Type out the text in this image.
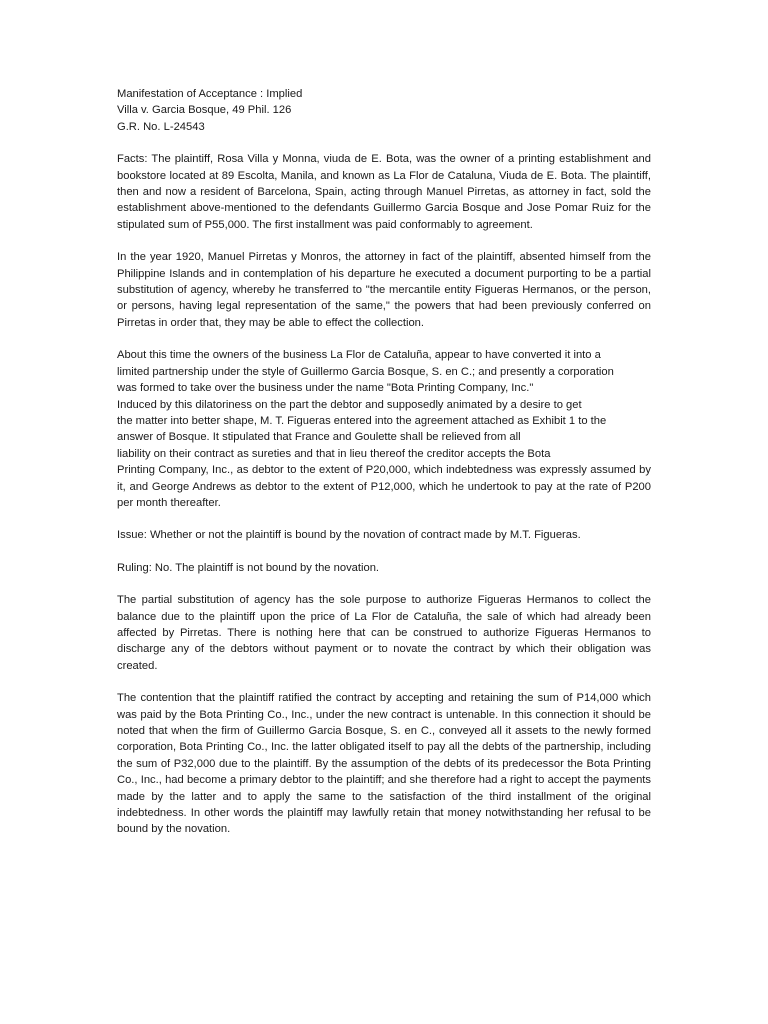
Manifestation of Acceptance : Implied

Villa v. Garcia Bosque, 49 Phil. 126

G.R. No. L-24543

Facts: The plaintiff, Rosa Villa y Monna, viuda de E. Bota, was the owner of a printing establishment and bookstore located at 89 Escolta, Manila, and known as La Flor de Cataluna, Viuda de E. Bota. The plaintiff, then and now a resident of Barcelona, Spain, acting through Manuel Pirretas, as attorney in fact, sold the establishment above-mentioned to the defendants Guillermo Garcia Bosque and Jose Pomar Ruiz for the stipulated sum of P55,000. The first installment was paid conformably to agreement.

In the year 1920, Manuel Pirretas y Monros, the attorney in fact of the plaintiff, absented himself from the Philippine Islands and in contemplation of his departure he executed a document purporting to be a partial substitution of agency, whereby he transferred to "the mercantile entity Figueras Hermanos, or the person, or persons, having legal representation of the same," the powers that had been previously conferred on Pirretas in order that, they may be able to effect the collection.

About this time the owners of the business La Flor de Cataluña, appear to have converted it into a
limited partnership under the style of Guillermo Garcia Bosque, S. en C.; and presently a corporation
was formed to take over the business under the name "Bota Printing Company, Inc."
Induced by this dilatoriness on the part the debtor and supposedly animated by a desire to get
the matter into better shape, M. T. Figueras entered into the agreement attached as Exhibit 1 to the
answer of Bosque. It stipulated that France and Goulette shall be relieved from all
liability on their contract as sureties and that in lieu thereof the creditor accepts the Bota

Printing Company, Inc., as debtor to the extent of P20,000, which indebtedness was expressly assumed by it, and George Andrews as debtor to the extent of P12,000, which he undertook to pay at the rate of P200 per month thereafter.

Issue: Whether or not the plaintiff is bound by the novation of contract made by M.T. Figueras.

Ruling: No. The plaintiff is not bound by the novation.

The partial substitution of agency has the sole purpose to authorize Figueras Hermanos to collect the balance due to the plaintiff upon the price of La Flor de Cataluña, the sale of which had already been affected by Pirretas. There is nothing here that can be construed to authorize Figueras Hermanos to discharge any of the debtors without payment or to novate the contract by which their obligation was created.

The contention that the plaintiff ratified the contract by accepting and retaining the sum of P14,000 which was paid by the Bota Printing Co., Inc., under the new contract is untenable. In this connection it should be noted that when the firm of Guillermo Garcia Bosque, S. en C., conveyed all it assets to the newly formed corporation, Bota Printing Co., Inc. the latter obligated itself to pay all the debts of the partnership, including the sum of P32,000 due to the plaintiff. By the assumption of the debts of its predecessor the Bota Printing Co., Inc., had become a primary debtor to the plaintiff; and she therefore had a right to accept the payments made by the latter and to apply the same to the satisfaction of the third installment of the original indebtedness. In other words the plaintiff may lawfully retain that money notwithstanding her refusal to be bound by the novation.
